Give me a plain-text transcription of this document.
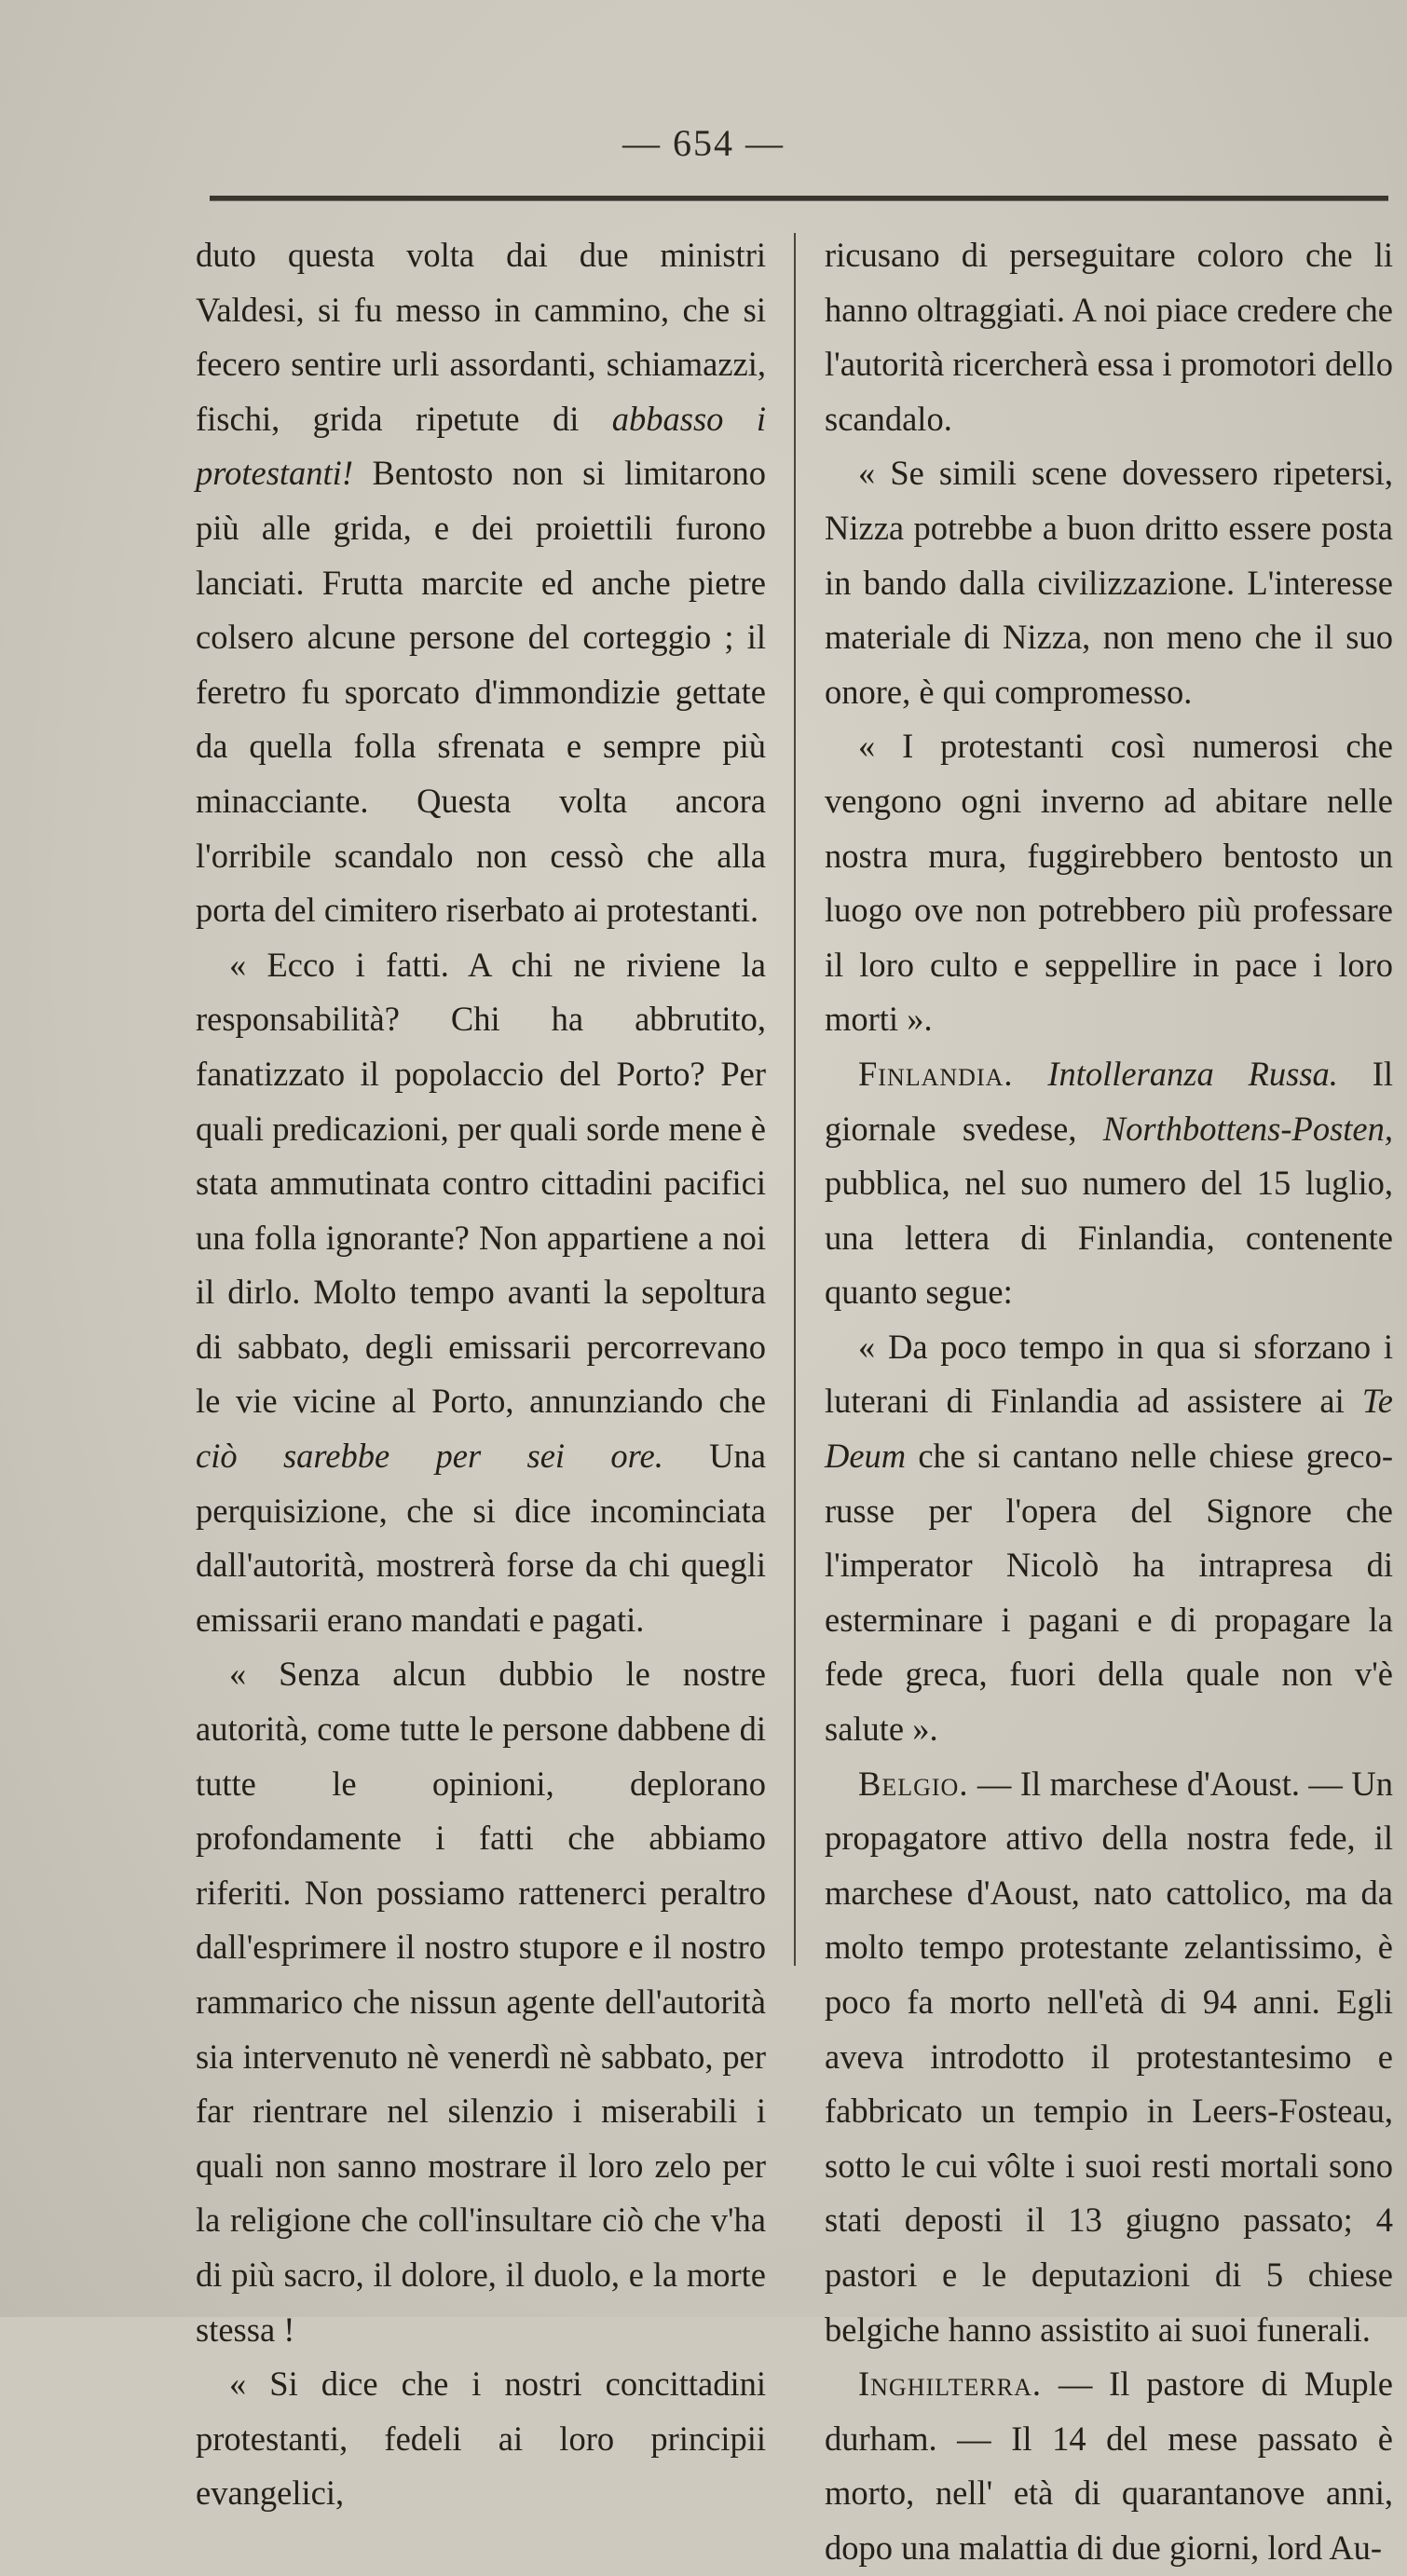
— 654 —

duto questa volta dai due ministri Valdesi, si fu messo in cammino, che si fecero sentire urli assordanti, schiamazzi, fischi, grida ripetute di abbasso i protestanti! Bentosto non si limitarono più alle grida, e dei proiettili furono lanciati. Frutta marcite ed anche pietre colsero alcune persone del corteggio ; il feretro fu sporcato d'immondizie gettate da quella folla sfrenata e sempre più minacciante. Questa volta ancora l'orribile scandalo non cessò che alla porta del cimitero riserbato ai protestanti.

« Ecco i fatti. A chi ne riviene la responsabilità? Chi ha abbrutito, fanatizzato il popolaccio del Porto? Per quali predicazioni, per quali sorde mene è stata ammutinata contro cittadini pacifici una folla ignorante? Non appartiene a noi il dirlo. Molto tempo avanti la sepoltura di sabbato, degli emissarii percorrevano le vie vicine al Porto, annunziando che ciò sarebbe per sei ore. Una perquisizione, che si dice incominciata dall'autorità, mostrerà forse da chi quegli emissarii erano mandati e pagati.

« Senza alcun dubbio le nostre autorità, come tutte le persone dabbene di tutte le opinioni, deplorano profondamente i fatti che abbiamo riferiti. Non possiamo rattenerci peraltro dall'esprimere il nostro stupore e il nostro rammarico che nissun agente dell'autorità sia intervenuto nè venerdì nè sabbato, per far rientrare nel silenzio i miserabili i quali non sanno mostrare il loro zelo per la religione che coll'insultare ciò che v'ha di più sacro, il dolore, il duolo, e la morte stessa !

« Si dice che i nostri concittadini protestanti, fedeli ai loro principii evangelici,

ricusano di perseguitare coloro che li hanno oltraggiati. A noi piace credere che l'autorità ricercherà essa i promotori dello scandalo.

« Se simili scene dovessero ripetersi, Nizza potrebbe a buon dritto essere posta in bando dalla civilizzazione. L'interesse materiale di Nizza, non meno che il suo onore, è qui compromesso.

« I protestanti così numerosi che vengono ogni inverno ad abitare nelle nostra mura, fuggirebbero bentosto un luogo ove non potrebbero più professare il loro culto e seppellire in pace i loro morti ».

Finlandia. Intolleranza Russa. Il giornale svedese, Northbottens-Posten, pubblica, nel suo numero del 15 luglio, una lettera di Finlandia, contenente quanto segue:

« Da poco tempo in qua si sforzano i luterani di Finlandia ad assistere ai Te Deum che si cantano nelle chiese greco-russe per l'opera del Signore che l'imperator Nicolò ha intrapresa di esterminare i pagani e di propagare la fede greca, fuori della quale non v'è salute ».

Belgio. — Il marchese d'Aoust. — Un propagatore attivo della nostra fede, il marchese d'Aoust, nato cattolico, ma da molto tempo protestante zelantissimo, è poco fa morto nell'età di 94 anni. Egli aveva introdotto il protestantesimo e fabbricato un tempio in Leers-Fosteau, sotto le cui vôlte i suoi resti mortali sono stati deposti il 13 giugno passato; 4 pastori e le deputazioni di 5 chiese belgiche hanno assistito ai suoi funerali.

Inghilterra. — Il pastore di Muple durham. — Il 14 del mese passato è morto, nell' età di quarantanove anni, dopo una malattia di due giorni, lord Au-
